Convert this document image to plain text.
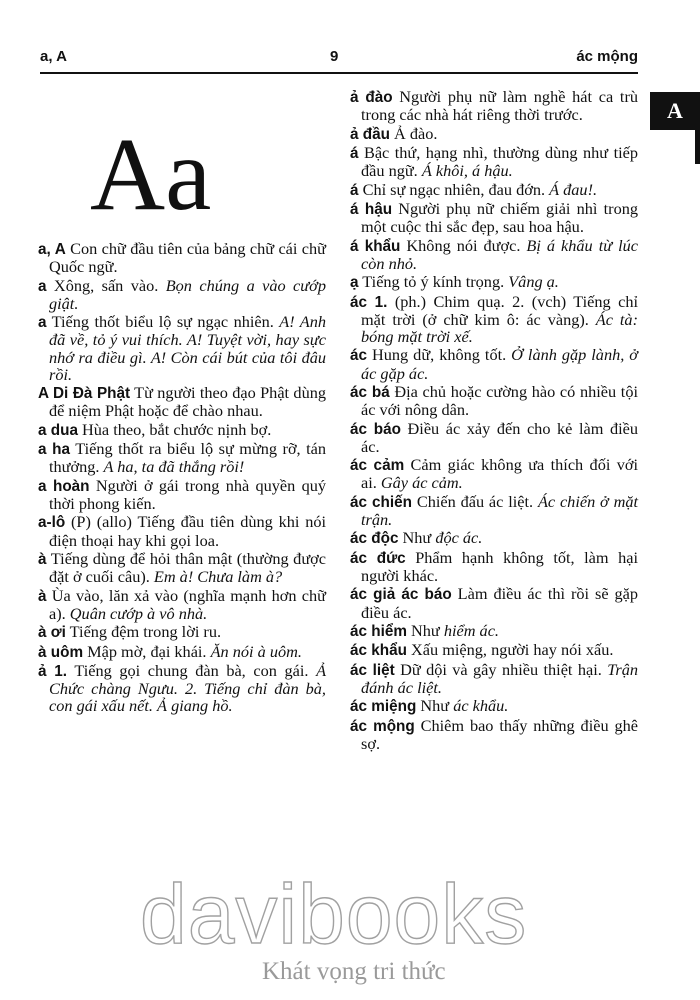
a, A	9	ác mộng
A
Aa

a, A Con chữ đầu tiên của bảng chữ cái chữ Quốc ngữ.

a Xông, sấn vào. Bọn chúng a vào cướp giật.

a Tiếng thốt biểu lộ sự ngạc nhiên. A! Anh đã về, tỏ ý vui thích. A! Tuyệt vời, hay sực nhớ ra điều gì. A! Còn cái bút của tôi đâu rồi.

A Di Đà Phật Từ người theo đạo Phật dùng để niệm Phật hoặc để chào nhau.

a dua Hùa theo, bắt chước nịnh bợ.

a ha Tiếng thốt ra biểu lộ sự mừng rỡ, tán thưởng. A ha, ta đã thắng rồi!

a hoàn Người ở gái trong nhà quyền quý thời phong kiến.

a-lô (P) (allo) Tiếng đầu tiên dùng khi nói điện thoại hay khi gọi loa.

à Tiếng dùng để hỏi thân mật (thường được đặt ở cuối câu). Em à! Chưa làm à?

à Ùa vào, lăn xả vào (nghĩa mạnh hơn chữ a). Quân cướp à vô nhà.

à ơi Tiếng đệm trong lời ru.

à uôm Mập mờ, đại khái. Ăn nói à uôm.

ả 1. Tiếng gọi chung đàn bà, con gái. Ả Chức chàng Ngưu. 2. Tiếng chỉ đàn bà, con gái xấu nết. Ả giang hồ.

ả đào Người phụ nữ làm nghề hát ca trù trong các nhà hát riêng thời trước.

ả đầu Ả đào.

á Bậc thứ, hạng nhì, thường dùng như tiếp đầu ngữ. Á khôi, á hậu.

á Chỉ sự ngạc nhiên, đau đớn. Á đau!.

á hậu Người phụ nữ chiếm giải nhì trong một cuộc thi sắc đẹp, sau hoa hậu.

á khẩu Không nói được. Bị á khẩu từ lúc còn nhỏ.

ạ Tiếng tỏ ý kính trọng. Vâng ạ.

ác 1. (ph.) Chim quạ. 2. (vch) Tiếng chỉ mặt trời (ở chữ kim ô: ác vàng). Ác tà: bóng mặt trời xế.

ác Hung dữ, không tốt. Ở lành gặp lành, ở ác gặp ác.

ác bá Địa chủ hoặc cường hào có nhiều tội ác với nông dân.

ác báo Điều ác xảy đến cho kẻ làm điều ác.

ác cảm Cảm giác không ưa thích đối với ai. Gây ác cảm.

ác chiến Chiến đấu ác liệt. Ác chiến ở mặt trận.

ác độc Như độc ác.

ác đức Phẩm hạnh không tốt, làm hại người khác.

ác giả ác báo Làm điều ác thì rồi sẽ gặp điều ác.

ác hiểm Như hiểm ác.

ác khẩu Xấu miệng, người hay nói xấu.

ác liệt Dữ dội và gây nhiều thiệt hại. Trận đánh ác liệt.

ác miệng Như ác khẩu.

ác mộng Chiêm bao thấy những điều ghê sợ.

davibooks
Khát vọng tri thức
